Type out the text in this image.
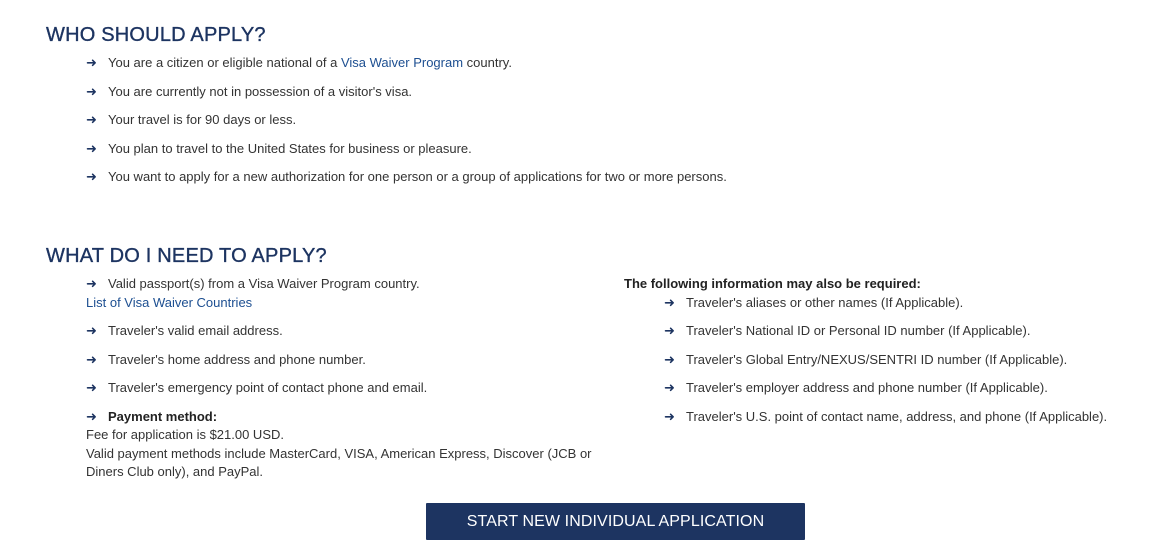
WHO SHOULD APPLY?
➜ You are a citizen or eligible national of a Visa Waiver Program country.
➜ You are currently not in possession of a visitor's visa.
➜ Your travel is for 90 days or less.
➜ You plan to travel to the United States for business or pleasure.
➜ You want to apply for a new authorization for one person or a group of applications for two or more persons.
WHAT DO I NEED TO APPLY?
➜ Valid passport(s) from a Visa Waiver Program country.
List of Visa Waiver Countries
➜ Traveler's valid email address.
➜ Traveler's home address and phone number.
➜ Traveler's emergency point of contact phone and email.
➜ Payment method:
Fee for application is $21.00 USD.
Valid payment methods include MasterCard, VISA, American Express, Discover (JCB or
Diners Club only), and PayPal.
The following information may also be required:
➜ Traveler's aliases or other names (If Applicable).
➜ Traveler's National ID or Personal ID number (If Applicable).
➜ Traveler's Global Entry/NEXUS/SENTRI ID number (If Applicable).
➜ Traveler's employer address and phone number (If Applicable).
➜ Traveler's U.S. point of contact name, address, and phone (If Applicable).
START NEW INDIVIDUAL APPLICATION
